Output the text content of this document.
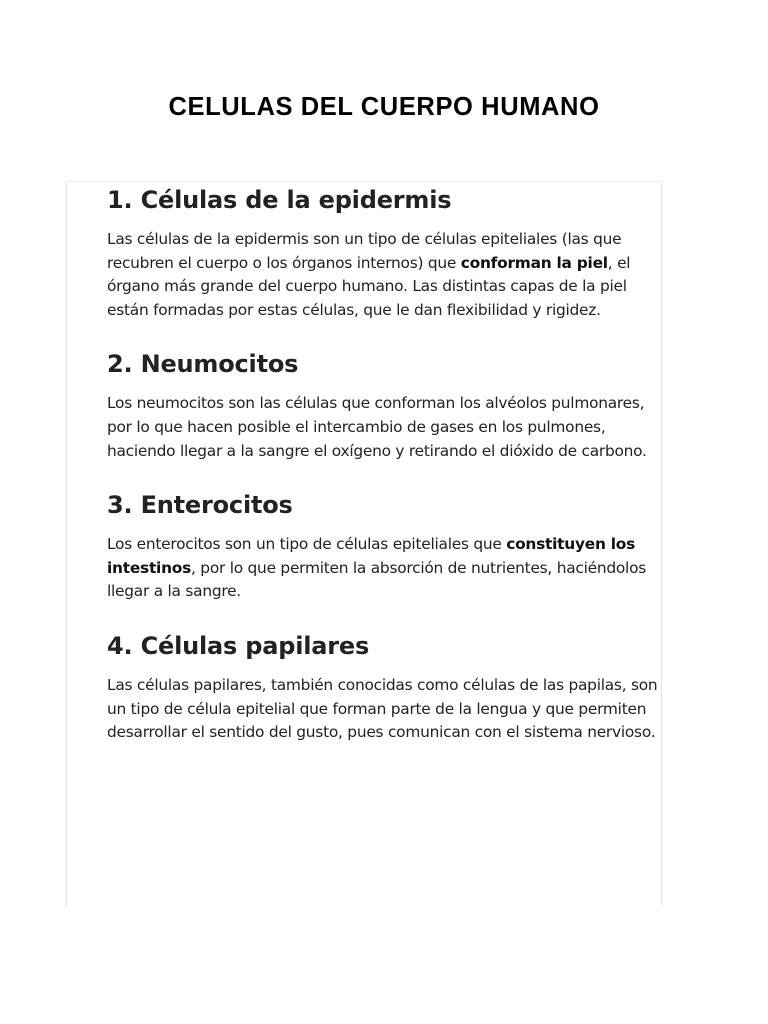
CELULAS DEL CUERPO HUMANO
1. Células de la epidermis

Las células de la epidermis son un tipo de células epiteliales (las que recubren el cuerpo o los órganos internos) que conforman la piel, el órgano más grande del cuerpo humano. Las distintas capas de la piel están formadas por estas células, que le dan flexibilidad y rigidez.

2. Neumocitos

Los neumocitos son las células que conforman los alvéolos pulmonares, por lo que hacen posible el intercambio de gases en los pulmones, haciendo llegar a la sangre el oxígeno y retirando el dióxido de carbono.

3. Enterocitos

Los enterocitos son un tipo de células epiteliales que constituyen los intestinos, por lo que permiten la absorción de nutrientes, haciéndolos llegar a la sangre.

4. Células papilares

Las células papilares, también conocidas como células de las papilas, son un tipo de célula epitelial que forman parte de la lengua y que permiten desarrollar el sentido del gusto, pues comunican con el sistema nervioso.
